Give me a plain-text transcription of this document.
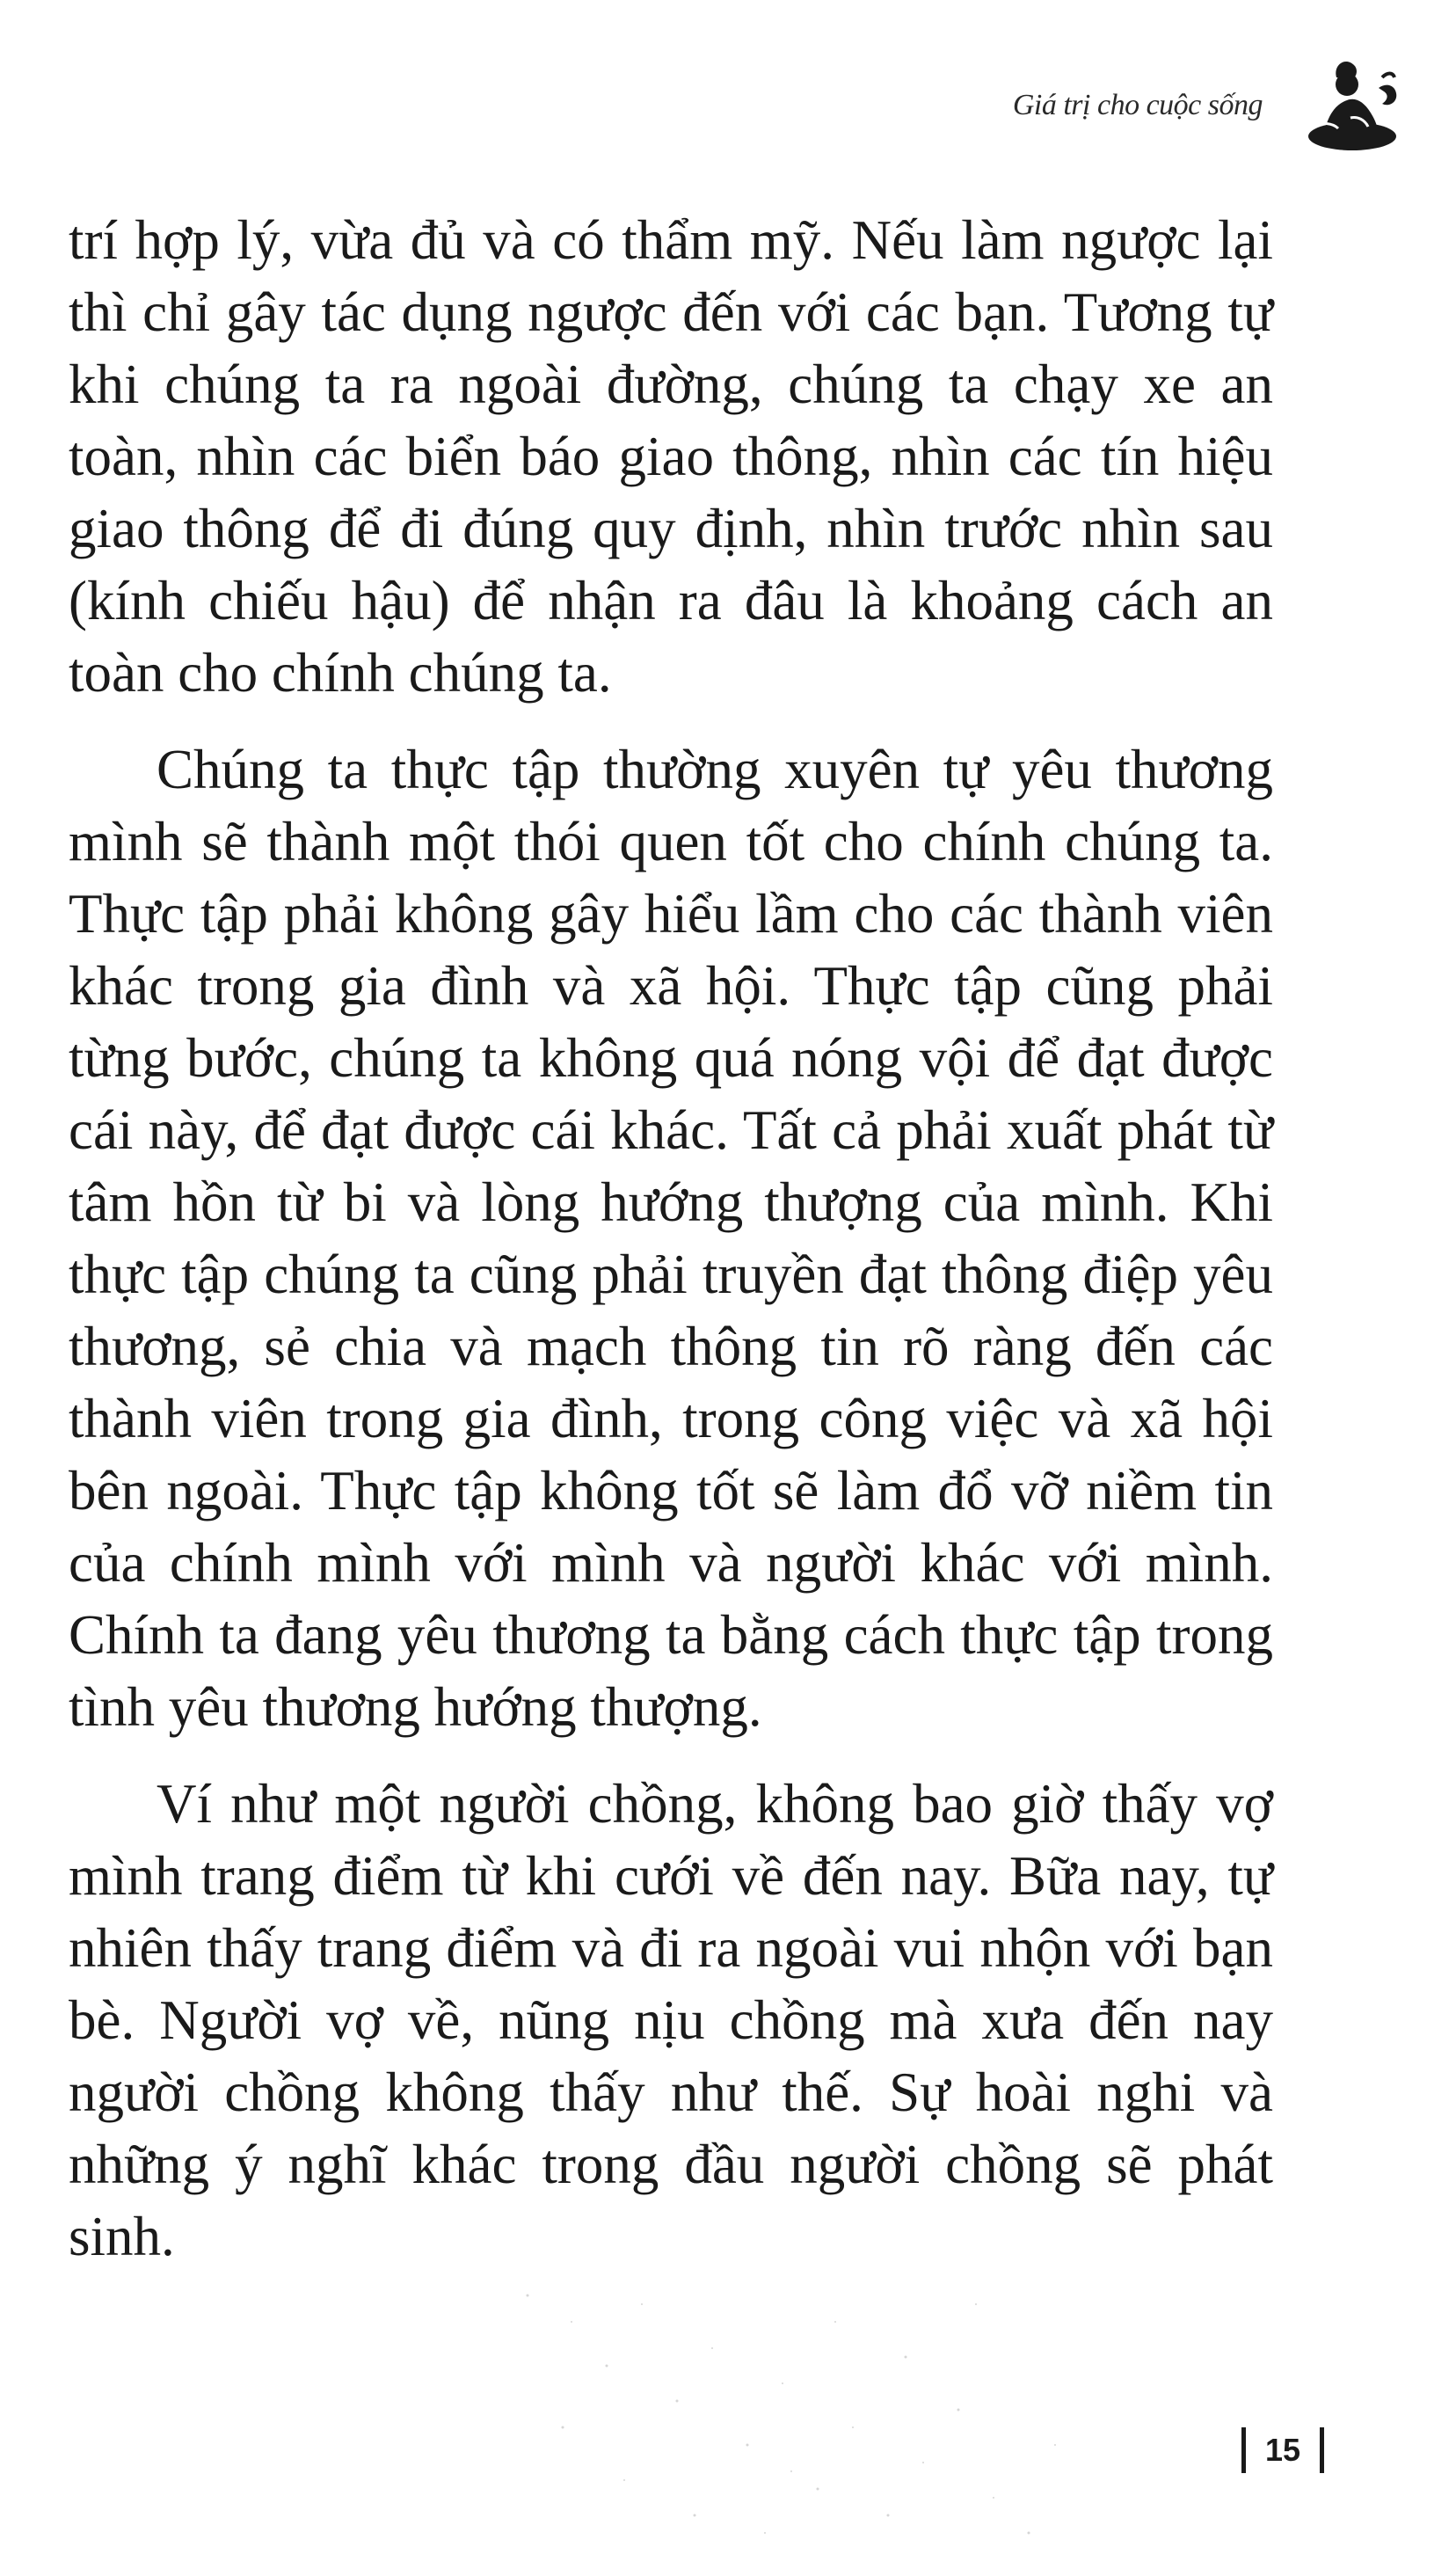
Giá trị cho cuộc sống

trí hợp lý, vừa đủ và có thẩm mỹ. Nếu làm ngược lại thì chỉ gây tác dụng ngược đến với các bạn. Tương tự khi chúng ta ra ngoài đường, chúng ta chạy xe an toàn, nhìn các biển báo giao thông, nhìn các tín hiệu giao thông để đi đúng quy định, nhìn trước nhìn sau (kính chiếu hậu) để nhận ra đâu là khoảng cách an toàn cho chính chúng ta.

Chúng ta thực tập thường xuyên tự yêu thương mình sẽ thành một thói quen tốt cho chính chúng ta. Thực tập phải không gây hiểu lầm cho các thành viên khác trong gia đình và xã hội. Thực tập cũng phải từng bước, chúng ta không quá nóng vội để đạt được cái này, để đạt được cái khác. Tất cả phải xuất phát từ tâm hồn từ bi và lòng hướng thượng của mình. Khi thực tập chúng ta cũng phải truyền đạt thông điệp yêu thương, sẻ chia và mạch thông tin rõ ràng đến các thành viên trong gia đình, trong công việc và xã hội bên ngoài. Thực tập không tốt sẽ làm đổ vỡ niềm tin của chính mình với mình và người khác với mình. Chính ta đang yêu thương ta bằng cách thực tập trong tình yêu thương hướng thượng.

Ví như một người chồng, không bao giờ thấy vợ mình trang điểm từ khi cưới về đến nay. Bữa nay, tự nhiên thấy trang điểm và đi ra ngoài vui nhộn với bạn bè. Người vợ về, nũng nịu chồng mà xưa đến nay người chồng không thấy như thế. Sự hoài nghi và những ý nghĩ khác trong đầu người chồng sẽ phát sinh.

15
